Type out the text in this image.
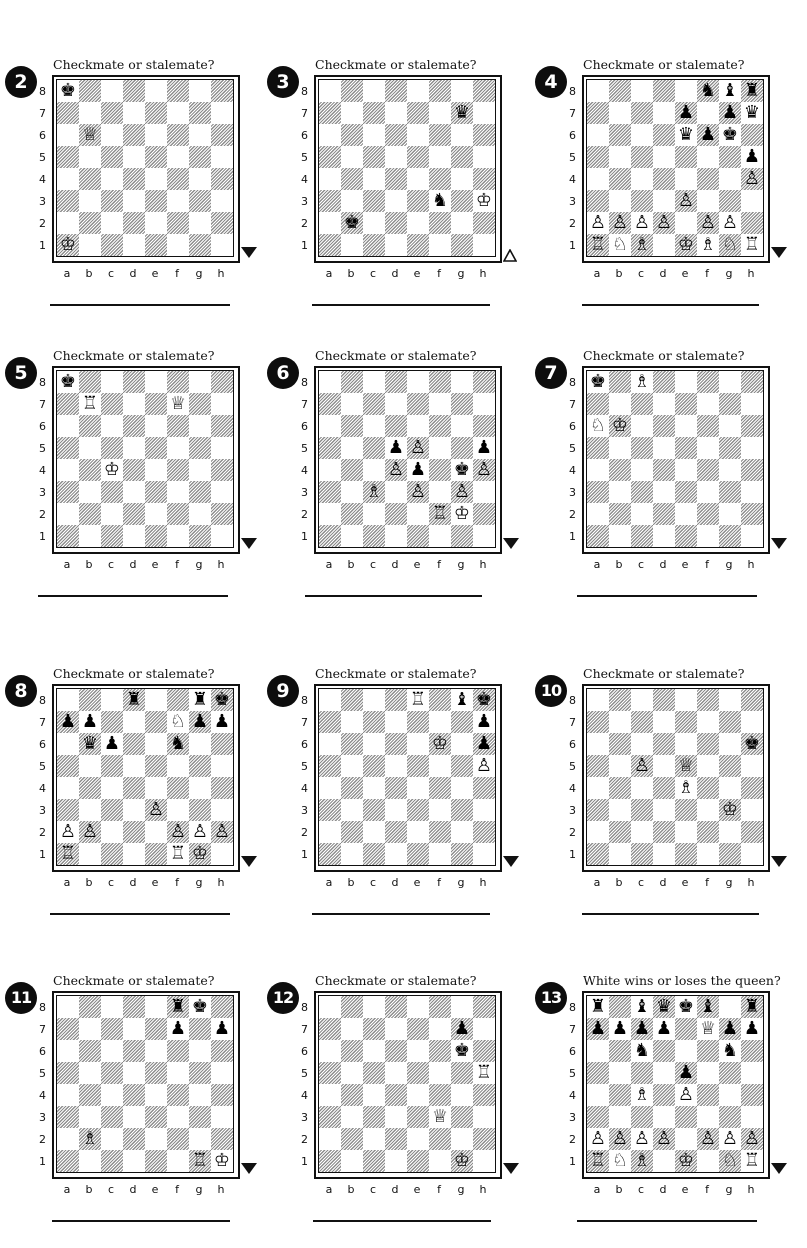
2
Checkmate or stalemate?
♚
♕
♔
8
7
6
5
4
3
2
1
a	b	c	d	e	f	g	h
3
Checkmate or stalemate?
♛
♞ ♔
♚
8
7
6
5
4
3
2
1
a	b	c	d	e	f	g	h
4
Checkmate or stalemate?
♞ ♝ ♜
♟ ♟ ♛
♛ ♟ ♚
♟
♙
♙
♙ ♙ ♙ ♙ ♙ ♙
♖ ♘ ♗ ♔ ♗ ♘ ♖
8
7
6
5
4
3
2
1
a	b	c	d	e	f	g	h
5
Checkmate or stalemate?
♚
♖	♕
♔
8
7
6
5
4
3
2
1
a	b	c	d	e	f	g	h
6
Checkmate or stalemate?
♟ ♙	♟
♙ ♟ ♚ ♙
♗ ♙ ♙
♖ ♔
8
7
6
5
4
3
2
1
a	b	c	d	e	f	g	h
7
Checkmate or stalemate?
♚ ♗
♘ ♔
8
7
6
5
4
3
2
1
a	b	c	d	e	f	g	h
8
Checkmate or stalemate?
♜	♜ ♚
♟ ♟	♘ ♟ ♟
♛ ♟	♞
♙
♙ ♙	♙ ♙ ♙
♖	♖ ♔
8
7
6
5
4
3
2
1
a	b	c	d	e	f	g	h
9
Checkmate or stalemate?
♖ ♝ ♚
♟
♔ ♟
♙
8
7
6
5
4
3
2
1
a	b	c	d	e	f	g	h
10
Checkmate or stalemate?
♚
♙ ♕
♗
♔
8
7
6
5
4
3
2
1
a	b	c	d	e	f	g	h
11
Checkmate or stalemate?
♜ ♚
♟ ♟
♗
♖ ♔
8
7
6
5
4
3
2
1
a	b	c	d	e	f	g	h
12
Checkmate or stalemate?
♟
♚
♖
♕
♔
8
7
6
5
4
3
2
1
a	b	c	d	e	f	g	h
13
White wins or loses the queen?
♜ ♝ ♛ ♚ ♝ ♜
♟ ♟ ♟ ♟ ♕ ♟ ♟
♞	♞
♟
♗ ♙
♙ ♙ ♙ ♙ ♙ ♙ ♙
♖ ♘ ♗ ♔ ♘ ♖
8
7
6
5
4
3
2
1
a	b	c	d	e	f	g	h
